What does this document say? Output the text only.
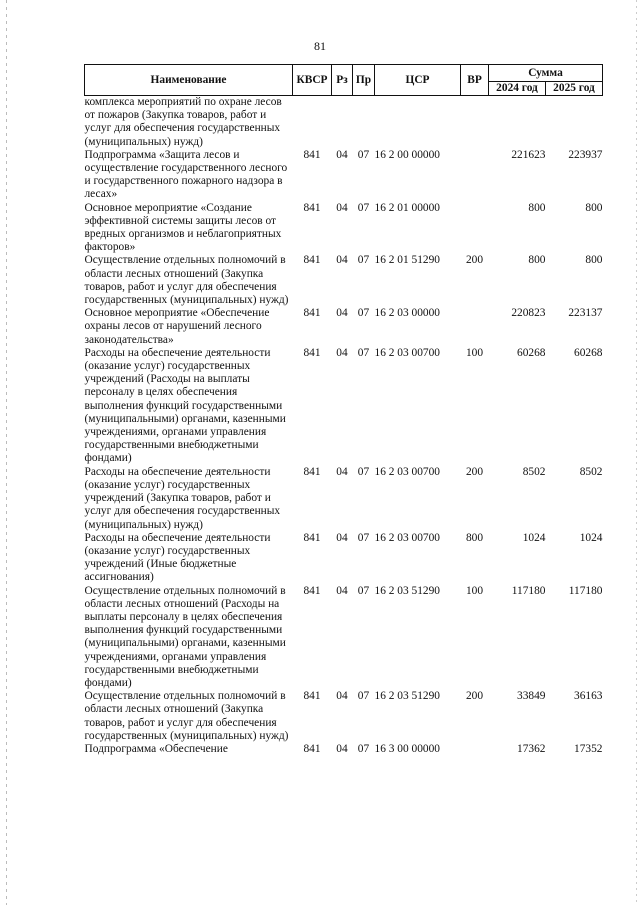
81
Наименование	КВСР	Рз	Пр	ЦСР	ВР	Сумма	
						2024 год	2025 год
комплекса мероприятий по охране лесов от пожаров (Закупка товаров, работ и услуг для обеспечения государственных (муниципальных) нужд)							
Подпрограмма «Защита лесов и осуществление государственного лесного и государственного пожарного надзора в лесах»	841	04	07	16 2 00 00000		221623	223937
Основное мероприятие «Создание эффективной системы защиты лесов от вредных организмов и неблагоприятных факторов»	841	04	07	16 2 01 00000		800	800
Осуществление отдельных полномочий в области лесных отношений (Закупка товаров, работ и услуг для обеспечения государственных (муниципальных) нужд)	841	04	07	16 2 01 51290	200	800	800
Основное мероприятие «Обеспечение охраны лесов от нарушений лесного законодательства»	841	04	07	16 2 03 00000		220823	223137
Расходы на обеспечение деятельности (оказание услуг) государственных учреждений (Расходы на выплаты персоналу в целях обеспечения выполнения функций государственными (муниципальными) органами, казенными учреждениями, органами управления государственными внебюджетными фондами)	841	04	07	16 2 03 00700	100	60268	60268
Расходы на обеспечение деятельности (оказание услуг) государственных учреждений (Закупка товаров, работ и услуг для обеспечения государственных (муниципальных) нужд)	841	04	07	16 2 03 00700	200	8502	8502
Расходы на обеспечение деятельности (оказание услуг) государственных учреждений (Иные бюджетные ассигнования)	841	04	07	16 2 03 00700	800	1024	1024
Осуществление отдельных полномочий в области лесных отношений (Расходы на выплаты персоналу в целях обеспечения выполнения функций государственными (муниципальными) органами, казенными учреждениями, органами управления государственными внебюджетными фондами)	841	04	07	16 2 03 51290	100	117180	117180
Осуществление отдельных полномочий в области лесных отношений (Закупка товаров, работ и услуг для обеспечения государственных (муниципальных) нужд)	841	04	07	16 2 03 51290	200	33849	36163
Подпрограмма «Обеспечение	841	04	07	16 3 00 00000		17362	17352
